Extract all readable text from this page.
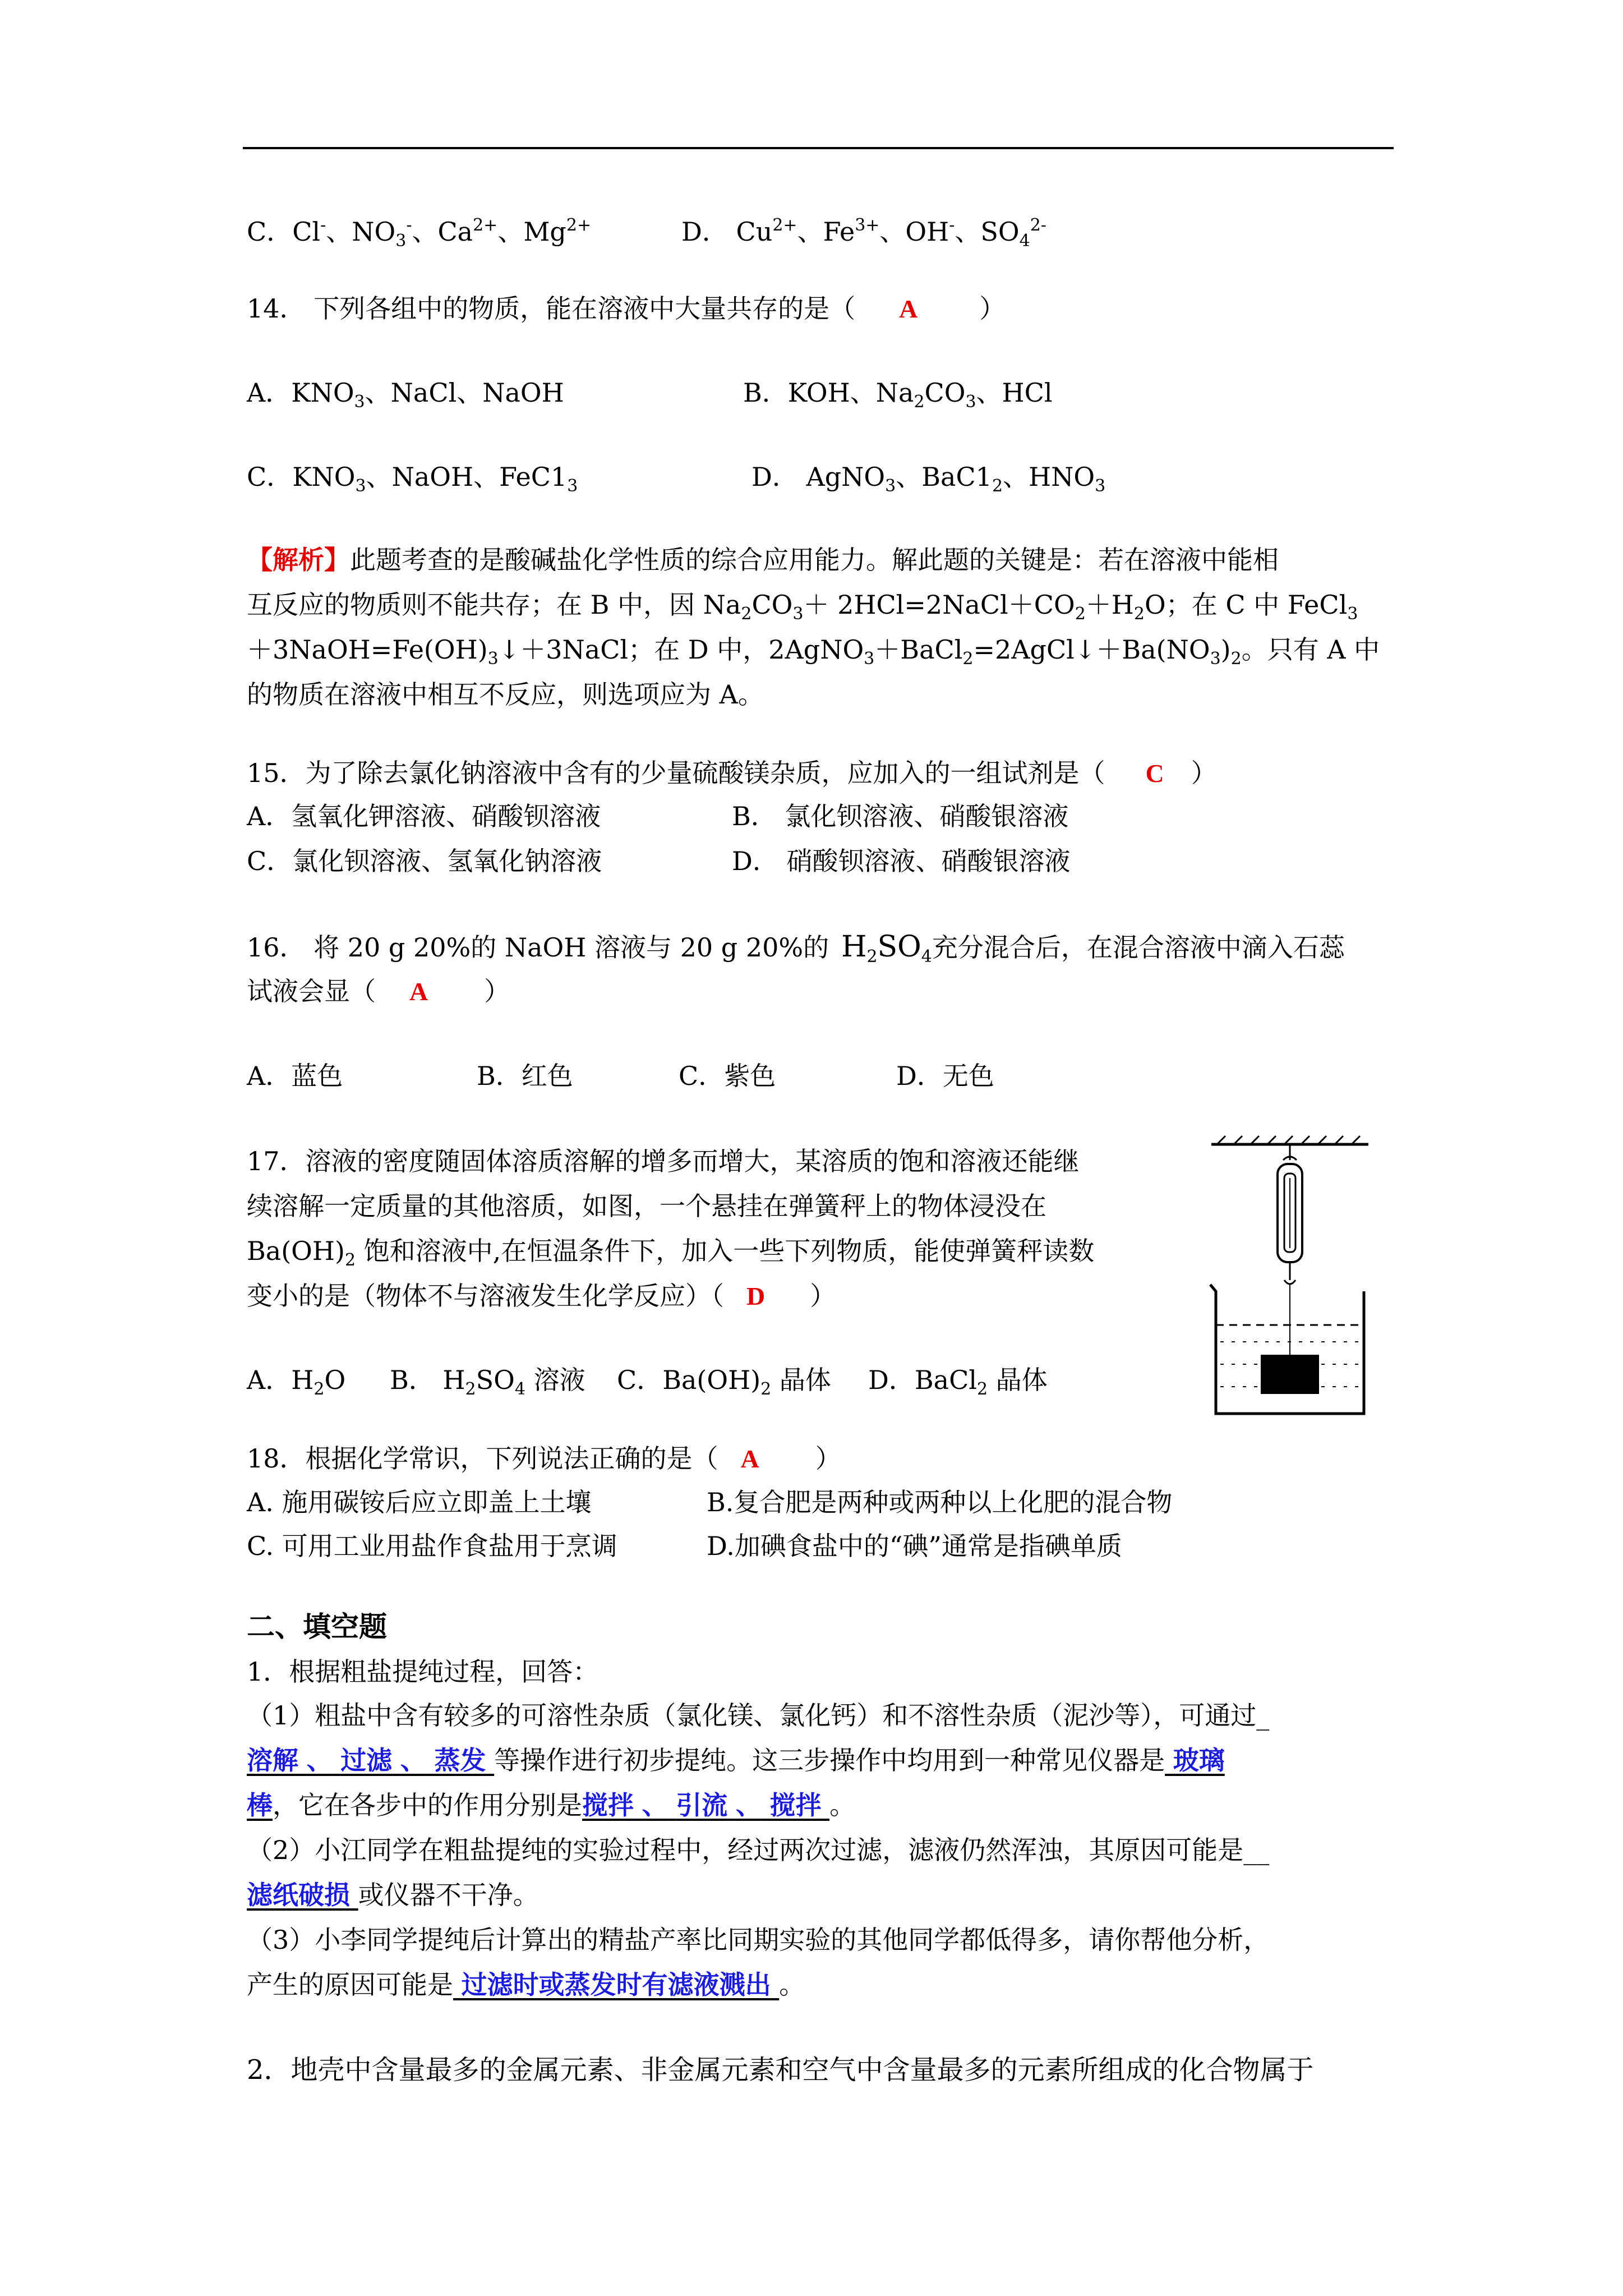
C．Cl-、$NO_3^-$、$Ca^{2+}$、$Mg^{2+}$	D． $Cu^{2+}$、$Fe^{3+}$、OH-、$SO_4^{2-}$
14． 下列各组中的物质，能在溶液中大量共存的是（ A ）
A．$KNO_3$、NaCl、NaOH	B．KOH、$Na_2CO_3$、HCl
C．$KNO_3$、NaOH、$FeC1_3$	D． AgNO$_3$、$BaC1_2$、$HNO_3$
【解析】此题考查的是酸碱盐化学性质的综合应用能力。解此题的关键是：若在溶液中能相
互反应的物质则不能共存；在 B 中，因 $Na_2CO_3+$ $2HCl=2NaCl+CO_2+H_2O$；在 C 中 FeCl$_3$
$+3NaOH=Fe(OH)_3↓+3NaCl$；在 D 中，$2AgNO_3+BaCl_2=2AgCl↓+Ba(NO_3)_2$。只有 A 中
的物质在溶液中相互不反应，则选项应为 A。
15．为了除去氯化钠溶液中含有的少量硫酸镁杂质，应加入的一组试剂是（ C ）
A．氢氧化钾溶液、硝酸钡溶液	B． 氯化钡溶液、硝酸银溶液
C．氯化钡溶液、氢氧化钠溶液	D． 硝酸钡溶液、硝酸银溶液
16． 将 20 g 20%的 NaOH 溶液与 20 g 20%的 $H_2SO_4$充分混合后，在混合溶液中滴入石蕊
试液会显（ A ）
A．蓝色	B．红色	C．紫色	D．无色
17．溶液的密度随固体溶质溶解的增多而增大，某溶质的饱和溶液还能继
续溶解一定质量的其他溶质，如图，一个悬挂在弹簧秤上的物体浸没在
$Ba(OH)_2$ 饱和溶液中,在恒温条件下，加入一些下列物质，能使弹簧秤读数
变小的是（物体不与溶液发生化学反应）（ D ）
A．$H_2O$ B． $H_2SO_4$ 溶液 C．$Ba(OH)_2$ 晶体 D．BaCl$_2$ 晶体
18．根据化学常识，下列说法正确的是（ A ）
A. 施用碳铵后应立即盖上土壤	B.复合肥是两种或两种以上化肥的混合物
C. 可用工业用盐作食盐用于烹调	D.加碘食盐中的“碘”通常是指碘单质
二、填空题
1．根据粗盐提纯过程，回答：
（1）粗盐中含有较多的可溶性杂质（氯化镁、氯化钙）和不溶性杂质（泥沙等），可通过_
溶解 、 过滤 、 蒸发 等操作进行初步提纯。这三步操作中均用到一种常见仪器是 玻璃
棒，它在各步中的作用分别是搅拌 、 引流 、 搅拌 。
（2）小江同学在粗盐提纯的实验过程中，经过两次过滤，滤液仍然浑浊，其原因可能是__
滤纸破损 或仪器不干净。
（3）小李同学提纯后计算出的精盐产率比同期实验的其他同学都低得多，请你帮他分析，
产生的原因可能是 过滤时或蒸发时有滤液溅出 。
2．地壳中含量最多的金属元素、非金属元素和空气中含量最多的元素所组成的化合物属于
